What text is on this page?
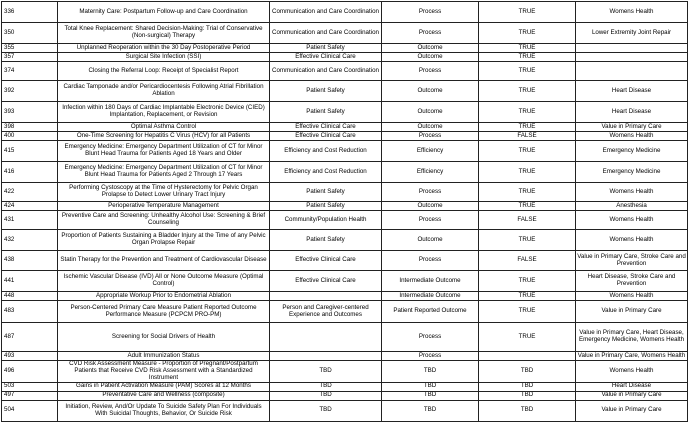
336	Maternity Care: Postpartum Follow-up and Care Coordination	Communication and Care Coordination	Process	TRUE	Womens Health
350	Total Knee Replacement: Shared Decision-Making: Trial of Conservative (Non-surgical) Therapy	Communication and Care Coordination	Process	TRUE	Lower Extremity Joint Repair
355	Unplanned Reoperation within the 30 Day Postoperative Period	Patient Safety	Outcome	TRUE	
357	Surgical Site Infection (SSI)	Effective Clinical Care	Outcome	TRUE	
374	Closing the Referral Loop: Receipt of Specialist Report	Communication and Care Coordination	Process	TRUE	
392	Cardiac Tamponade and/or Pericardiocentesis Following Atrial Fibrillation Ablation	Patient Safety	Outcome	TRUE	Heart Disease
393	Infection within 180 Days of Cardiac Implantable Electronic Device (CIED) Implantation, Replacement, or Revision	Patient Safety	Outcome	TRUE	Heart Disease
398	Optimal Asthma Control	Effective Clinical Care	Outcome	TRUE	Value in Primary Care
400	One-Time Screening for Hepatitis C Virus (HCV) for all Patients	Effective Clinical Care	Process	FALSE	Womens Health
415	Emergency Medicine: Emergency Department Utilization of CT for Minor Blunt Head Trauma for Patients Aged 18 Years and Older	Efficiency and Cost Reduction	Efficiency	TRUE	Emergency Medicine
416	Emergency Medicine: Emergency Department Utilization of CT for Minor Blunt Head Trauma for Patients Aged 2 Through 17 Years	Efficiency and Cost Reduction	Efficiency	TRUE	Emergency Medicine
422	Performing Cystoscopy at the Time of Hysterectomy for Pelvic Organ Prolapse to Detect Lower Urinary Tract Injury	Patient Safety	Process	TRUE	Womens Health
424	Perioperative Temperature Management	Patient Safety	Outcome	TRUE	Anesthesia
431	Preventive Care and Screening: Unhealthy Alcohol Use: Screening & Brief Counseling	Community/Population Health	Process	FALSE	Womens Health
432	Proportion of Patients Sustaining a Bladder Injury at the Time of any Pelvic Organ Prolapse Repair	Patient Safety	Outcome	TRUE	Womens Health
438	Statin Therapy for the Prevention and Treatment of Cardiovascular Disease	Effective Clinical Care	Process	FALSE	Value in Primary Care, Stroke Care and Prevention
441	Ischemic Vascular Disease (IVD) All or None Outcome Measure (Optimal Control)	Effective Clinical Care	Intermediate Outcome	TRUE	Heart Disease, Stroke Care and Prevention
448	Appropriate Workup Prior to Endometrial Ablation		Intermediate Outcome	TRUE	Womens Health
483	Person-Centered Primary Care Measure Patient Reported Outcome Performance Measure (PCPCM PRO-PM)	Person and Caregiver-centered Experience and Outcomes	Patient Reported Outcome	TRUE	Value in Primary Care
487	Screening for Social Drivers of Health		Process	TRUE	Value in Primary Care, Heart Disease, Emergency Medicine, Womens Health
493	Adult Immunization Status		Process		Value in Primary Care, Womens Health
496	CVD Risk Assessment Measure - Proportion of Pregnant/Postpartum Patients that Receive CVD Risk Assessment with a Standardized Instrument	TBD	TBD	TBD	Womens Health
503	Gains in Patient Activation Measure (PAM) Scores at 12 Months	TBD	TBD	TBD	Heart Disease
497	Preventative Care and Wellness (composite)	TBD	TBD	TBD	Value in Primary Care
504	Initiation, Review, And/Or Update To Suicide Safety Plan For Individuals With Suicidal Thoughts, Behavior, Or Suicide Risk	TBD	TBD	TBD	Value in Primary Care
